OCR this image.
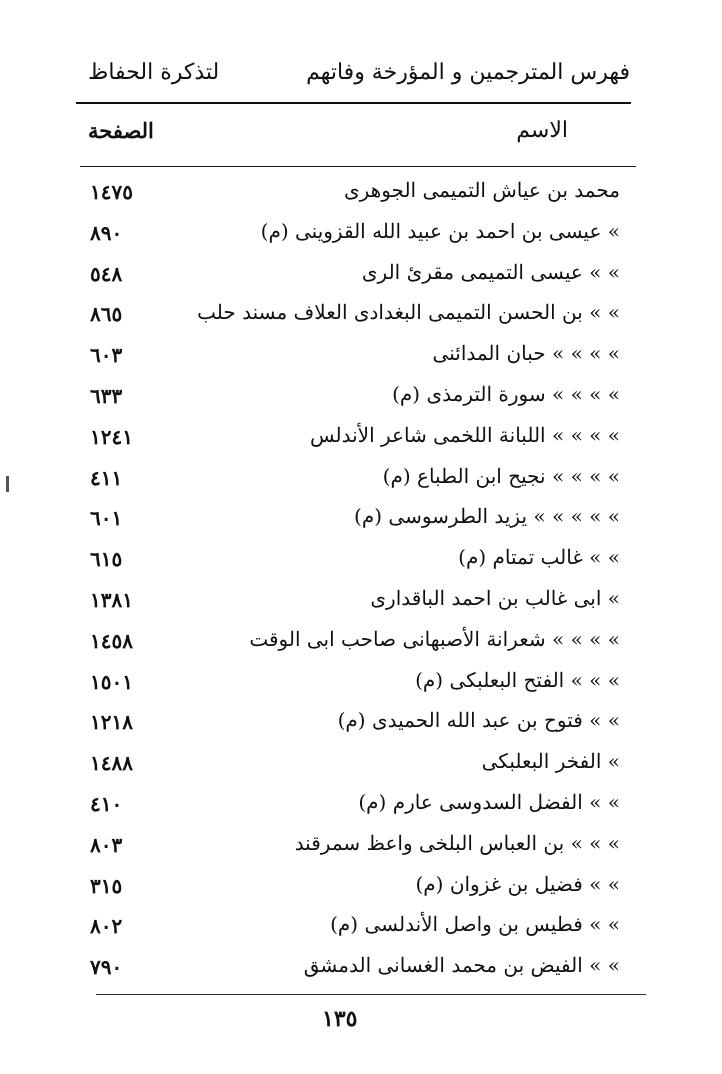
فهرس المترجمين و المؤرخة وفاتهم
لتذكرة الحفاظ
الاسم
الصفحة
محمد بن عياش التميمى الجوهرى
١٤٧٥
» عيسى بن احمد بن عبيد الله القزوينى (م)
٨٩٠
» » عيسى التميمى مقرئ الرى
٥٤٨
» » بن الحسن التميمى البغدادى العلاف مسند حلب
٨٦٥
» » » » حبان المدائنى
٦٠٣
» » » » سورة الترمذى (م)
٦٣٣
» » » » اللبانة اللخمى شاعر الأندلس
١٢٤١
» » » » نجيح ابن الطباع (م)
٤١١
» » » » » يزيد الطرسوسى (م)
٦٠١
» » غالب تمتام (م)
٦١٥
» ابى غالب بن احمد الباقدارى
١٣٨١
» » » » شعرانة الأصبهانى صاحب ابى الوقت
١٤٥٨
» » » الفتح البعلبكى (م)
١٥٠١
» » فتوح بن عبد الله الحميدى (م)
١٢١٨
» الفخر البعلبكى
١٤٨٨
» » الفضل السدوسى عارم (م)
٤١٠
» » » بن العباس البلخى واعظ سمرقند
٨٠٣
» » فضيل بن غزوان (م)
٣١٥
» » فطيس بن واصل الأندلسى (م)
٨٠٢
» » الفيض بن محمد الغسانى الدمشق
٧٩٠
١٣٥
